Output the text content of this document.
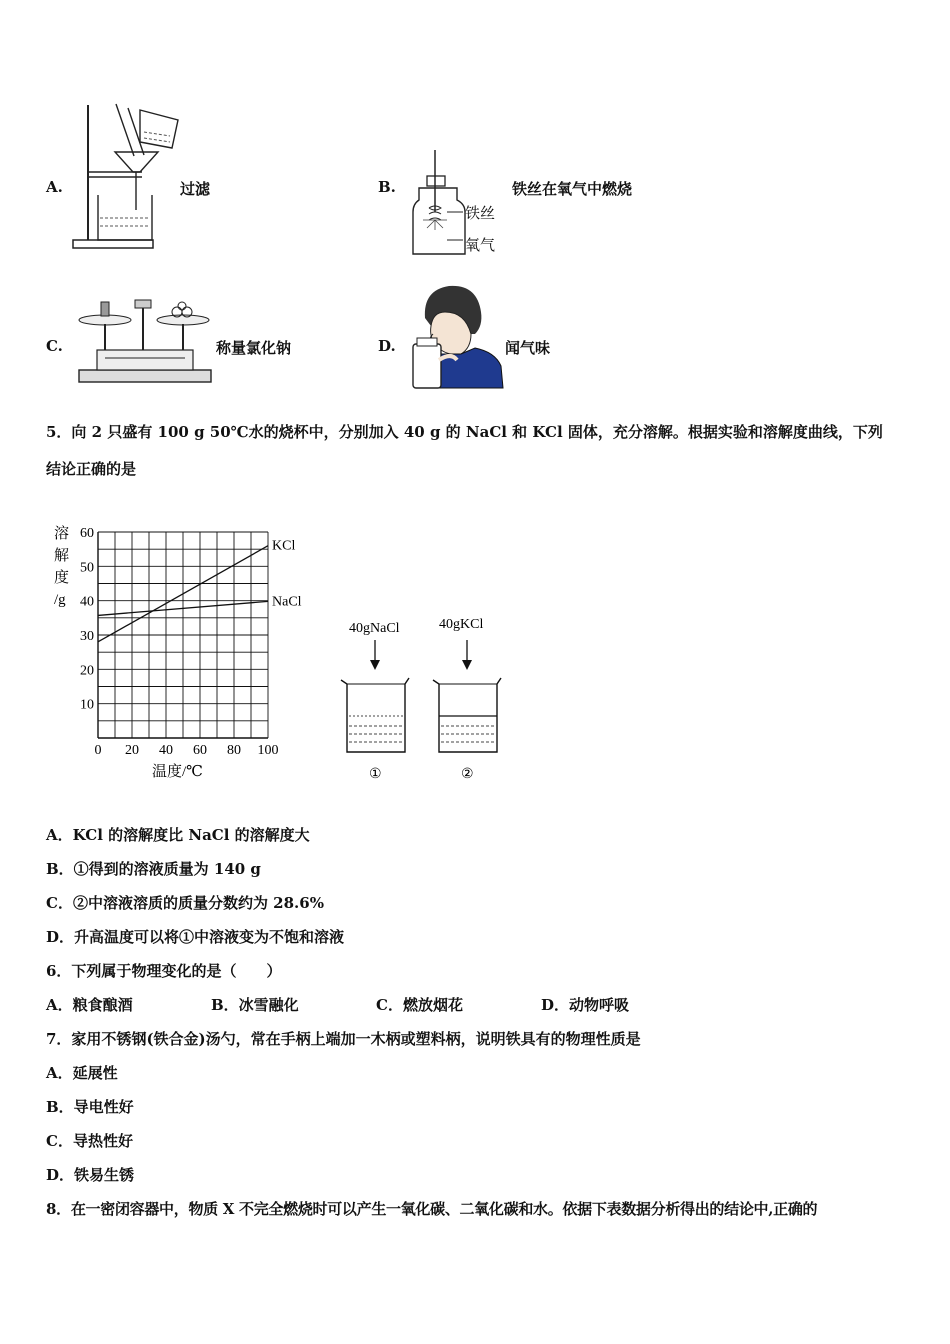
A.	过滤	B.
铁丝
氧气
铁丝在氧气中燃烧
C.	称量氯化钠	D.	闻气味
5．向 2 只盛有 100 g 50℃水的烧杯中，分别加入 40 g 的 NaCl 和 KCl 固体，充分溶解。根据实验和溶解度曲线，下列
结论正确的是
60
50
40
30
20
10
0 20 40 60 80 100
KCl
NaCl
溶
解
度
/g
温度/℃
40gNaCl	40gKCl
①	②
A．KCl 的溶解度比 NaCl 的溶解度大
B．①得到的溶液质量为 140 g
C．②中溶液溶质的质量分数约为 28.6%
D．升高温度可以将①中溶液变为不饱和溶液
6．下列属于物理变化的是（　　）
A．粮食酿酒	B．冰雪融化	C．燃放烟花	D．动物呼吸
7．家用不锈钢(铁合金)汤勺，常在手柄上端加一木柄或塑料柄，说明铁具有的物理性质是
A．延展性
B．导电性好
C．导热性好
D．铁易生锈
8．在一密闭容器中，物质 X 不完全燃烧时可以产生一氧化碳、二氧化碳和水。依据下表数据分析得出的结论中,正确的
